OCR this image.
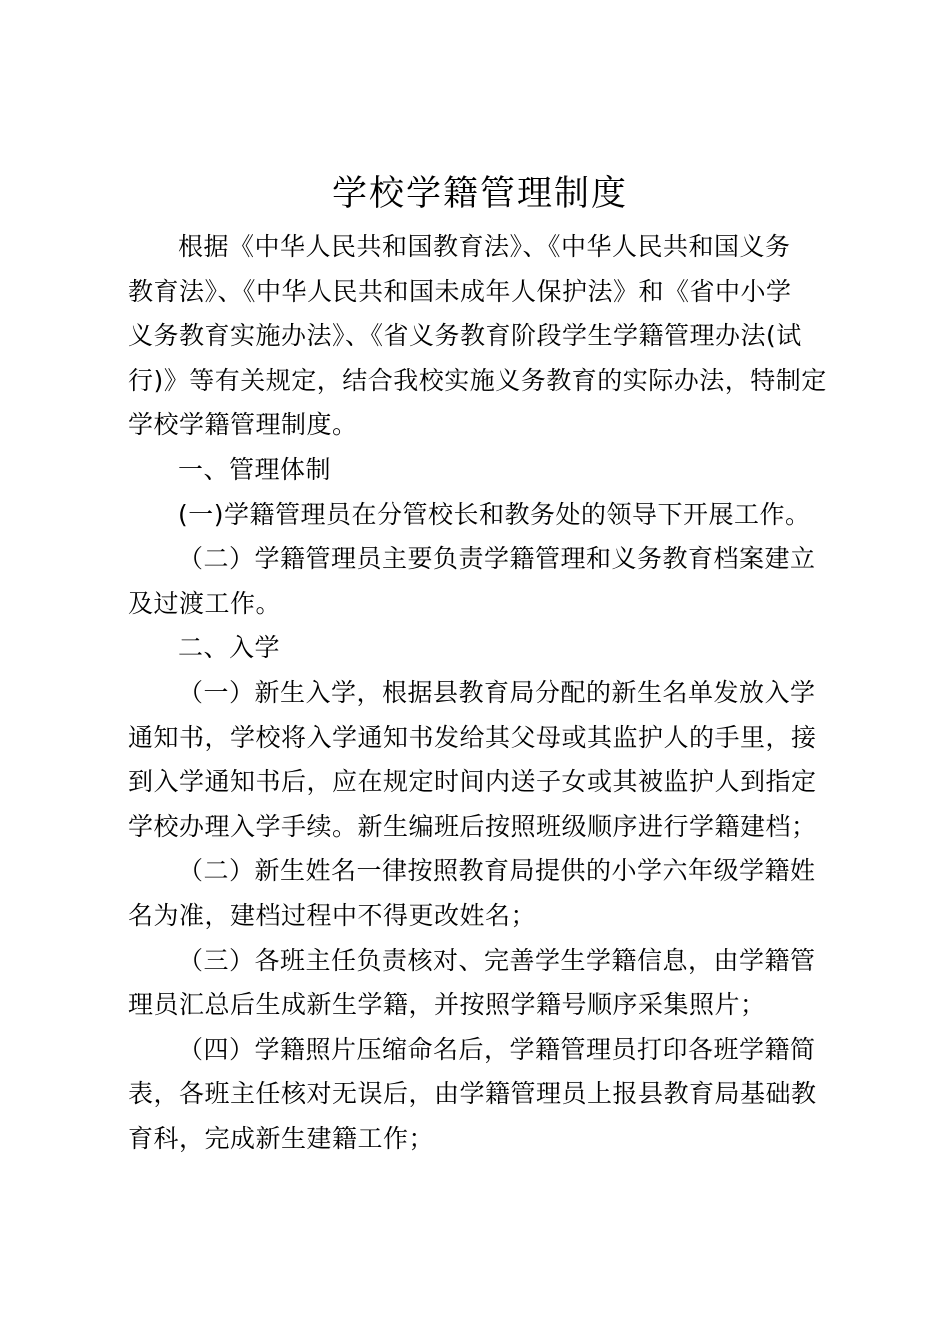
学校学籍管理制度
根据《中华人民共和国教育法》、《中华人民共和国义务
教育法》、《中华人民共和国未成年人保护法》和《省中小学
义务教育实施办法》、《省义务教育阶段学生学籍管理办法(试
行)》等有关规定，结合我校实施义务教育的实际办法，特制定
学校学籍管理制度。
一、管理体制
(一)学籍管理员在分管校长和教务处的领导下开展工作。
（二）学籍管理员主要负责学籍管理和义务教育档案建立
及过渡工作。
二、入学
（一）新生入学，根据县教育局分配的新生名单发放入学
通知书，学校将入学通知书发给其父母或其监护人的手里，接
到入学通知书后，应在规定时间内送子女或其被监护人到指定
学校办理入学手续。新生编班后按照班级顺序进行学籍建档；
（二）新生姓名一律按照教育局提供的小学六年级学籍姓
名为准，建档过程中不得更改姓名；
（三）各班主任负责核对、完善学生学籍信息，由学籍管
理员汇总后生成新生学籍，并按照学籍号顺序采集照片；
（四）学籍照片压缩命名后，学籍管理员打印各班学籍简
表，各班主任核对无误后，由学籍管理员上报县教育局基础教
育科，完成新生建籍工作；
